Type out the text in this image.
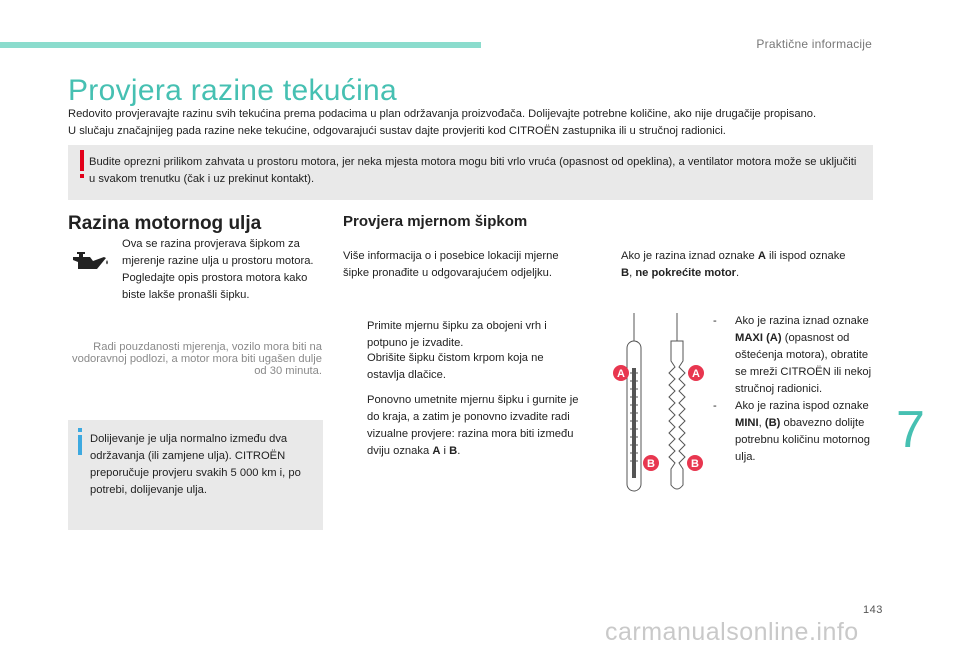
Praktične informacije
Provjera razine tekućina
Redovito provjeravajte razinu svih tekućina prema podacima u plan održavanja proizvođača. Dolijevajte potrebne količine, ako nije drugačije propisano.
U slučaju značajnijeg pada razine neke tekućine, odgovarajući sustav dajte provjeriti kod CITROËN zastupnika ili u stručnoj radionici.
Budite oprezni prilikom zahvata u prostoru motora, jer neka mjesta motora mogu biti vrlo vruća (opasnost od opeklina), a ventilator motora može se uključiti u svakom trenutku (čak i uz prekinut kontakt).
Razina motornog ulja
Ova se razina provjerava šipkom za mjerenje razine ulja u prostoru motora. Pogledajte opis prostora motora kako biste lakše pronašli šipku.
Radi pouzdanosti mjerenja, vozilo mora biti na vodoravnoj podlozi, a motor mora biti ugašen dulje od 30 minuta.
Dolijevanje je ulja normalno između dva održavanja (ili zamjene ulja). CITROËN preporučuje provjeru svakih 5 000 km i, po potrebi, dolijevanje ulja.
Provjera mjernom šipkom
Više informacija o i posebice lokaciji mjerne šipke pronađite u odgovarajućem odjeljku.
Ako je razina iznad oznake A ili ispod oznake
B, ne pokrećite motor.
Primite mjernu šipku za obojeni vrh i potpuno je izvadite.
Obrišite šipku čistom krpom koja ne ostavlja dlačice.
Ponovno umetnite mjernu šipku i gurnite je do kraja, a zatim je ponovno izvadite radi vizualne provjere: razina mora biti između dviju oznaka A i B.
A	A
B	B
- Ako je razina iznad oznake MAXI (A) (opasnost od oštećenja motora), obratite se mreži CITROËN ili nekoj stručnoj radionici.
- Ako je razina ispod oznake MINI, (B) obavezno dolijte potrebnu količinu motornog ulja.	7
143
carmanualsonline.info
